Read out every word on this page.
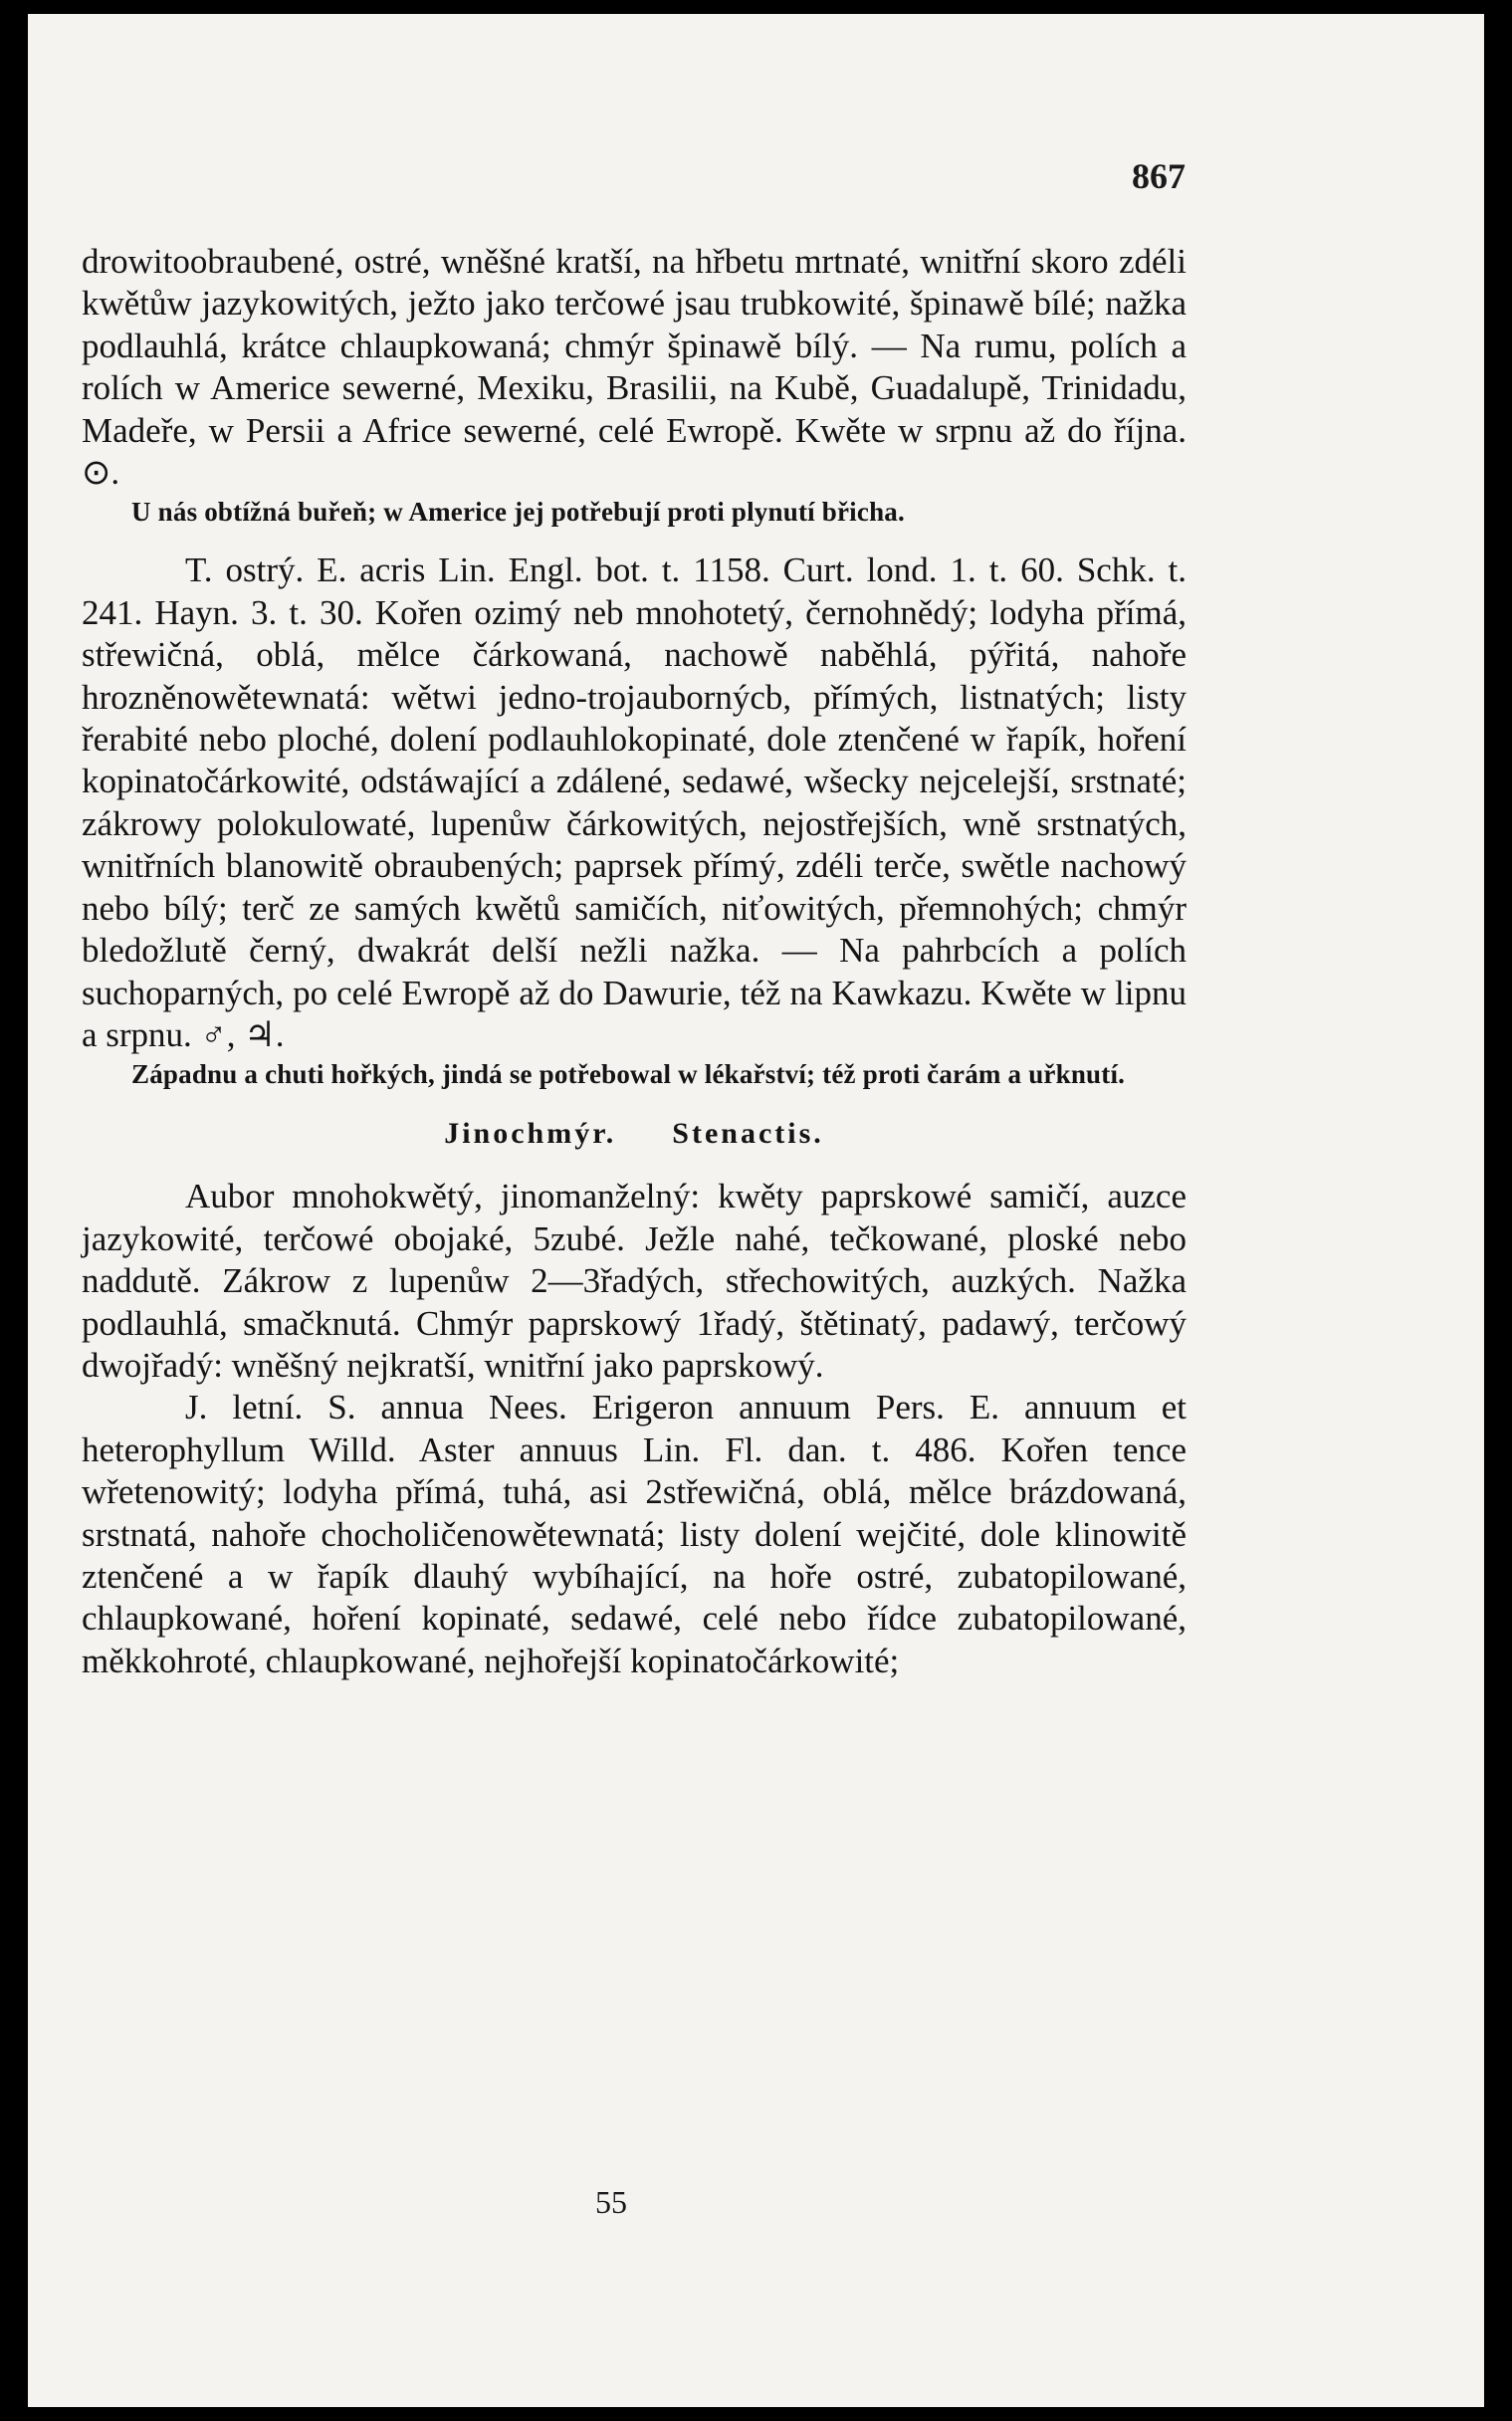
867

drowitoobraubené, ostré, wněšné kratší, na hřbetu mrtnaté, wnitřní skoro zdéli kwětůw jazykowitých, ježto jako terčowé jsau trubkowité, špinawě bílé; nažka podlauhlá, krátce chlaupkowaná; chmýr špinawě bílý. — Na rumu, polích a rolích w Americe sewerné, Mexiku, Brasilii, na Kubě, Guadalupě, Trinidadu, Madeře, w Persii a Africe sewerné, celé Ewropě. Kwěte w srpnu až do října. ⊙.

U nás obtížná buřeň; w Americe jej potřebují proti plynutí břicha.

T. ostrý. E. acris Lin. Engl. bot. t. 1158. Curt. lond. 1. t. 60. Schk. t. 241. Hayn. 3. t. 30. Kořen ozimý neb mnohotetý, černohnědý; lodyha přímá, střewičná, oblá, mělce čárkowaná, nachowě naběhlá, pýřitá, nahoře hrozněnowětewnatá: wětwi jedno-trojaubornýcb, přímých, listnatých; listy řerabité nebo ploché, dolení podlauhlokopinaté, dole ztenčené w řapík, hoření kopinatočárkowité, odstáwající a zdálené, sedawé, wšecky nejcelejší, srstnaté; zákrowy polokulowaté, lupenůw čárkowitých, nejostřejších, wně srstnatých, wnitřních blanowitě obraubených; paprsek přímý, zdéli terče, swětle nachowý nebo bílý; terč ze samých kwětů samičích, niťowitých, přemnohých; chmýr bledožlutě černý, dwakrát delší nežli nažka. — Na pahrbcích a polích suchoparných, po celé Ewropě až do Dawurie, též na Kawkazu. Kwěte w lipnu a srpnu. ♂, ♃.

Západnu a chuti hořkých, jindá se potřebowal w lékařství; též proti čarám a uřknutí.

Jinochmýr. Stenactis.

Aubor mnohokwětý, jinomanželný: kwěty paprskowé samičí, auzce jazykowité, terčowé obojaké, 5zubé. Ježle nahé, tečkowané, ploské nebo naddutě. Zákrow z lupenůw 2—3řadých, střechowitých, auzkých. Nažka podlauhlá, smačknutá. Chmýr paprskowý 1řadý, štětinatý, padawý, terčowý dwojřadý: wněšný nejkratší, wnitřní jako paprskowý.

J. letní. S. annua Nees. Erigeron annuum Pers. E. annuum et heterophyllum Willd. Aster annuus Lin. Fl. dan. t. 486. Kořen tence wřetenowitý; lodyha přímá, tuhá, asi 2střewičná, oblá, mělce brázdowaná, srstnatá, nahoře chocholičenowětewnatá; listy dolení wejčité, dole klinowitě ztenčené a w řapík dlauhý wybíhající, na hoře ostré, zubatopilowané, chlaupkowané, hoření kopinaté, sedawé, celé nebo řídce zubatopilowané, měkkohroté, chlaupkowané, nejhořejší kopinatočárkowité;

55
